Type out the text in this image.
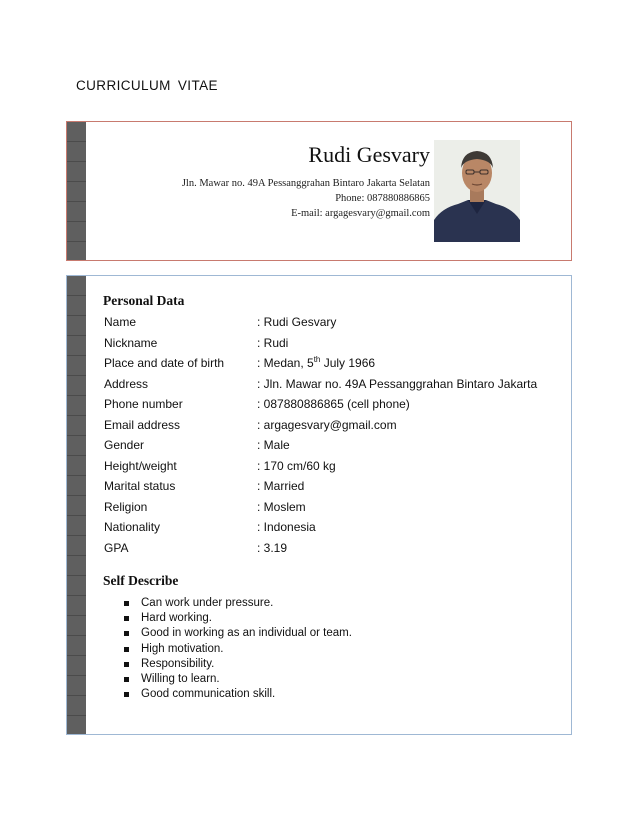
CURRICULUM VITAE
Rudi Gesvary
Jln. Mawar no. 49A Pessanggrahan Bintaro Jakarta Selatan
Phone: 087880886865
E-mail: argagesvary@gmail.com
Personal Data
Name	: Rudi Gesvary
Nickname	: Rudi
Place and date of birth	: Medan, 5th July 1966
Address	: Jln. Mawar no. 49A Pessanggrahan Bintaro Jakarta
Phone number	: 087880886865 (cell phone)
Email address	: argagesvary@gmail.com
Gender	: Male
Height/weight	: 170 cm/60 kg
Marital status	: Married
Religion	: Moslem
Nationality	: Indonesia
GPA	: 3.19
Self Describe
Can work under pressure.
Hard working.
Good in working as an individual or team.
High motivation.
Responsibility.
Willing to learn.
Good communication skill.
